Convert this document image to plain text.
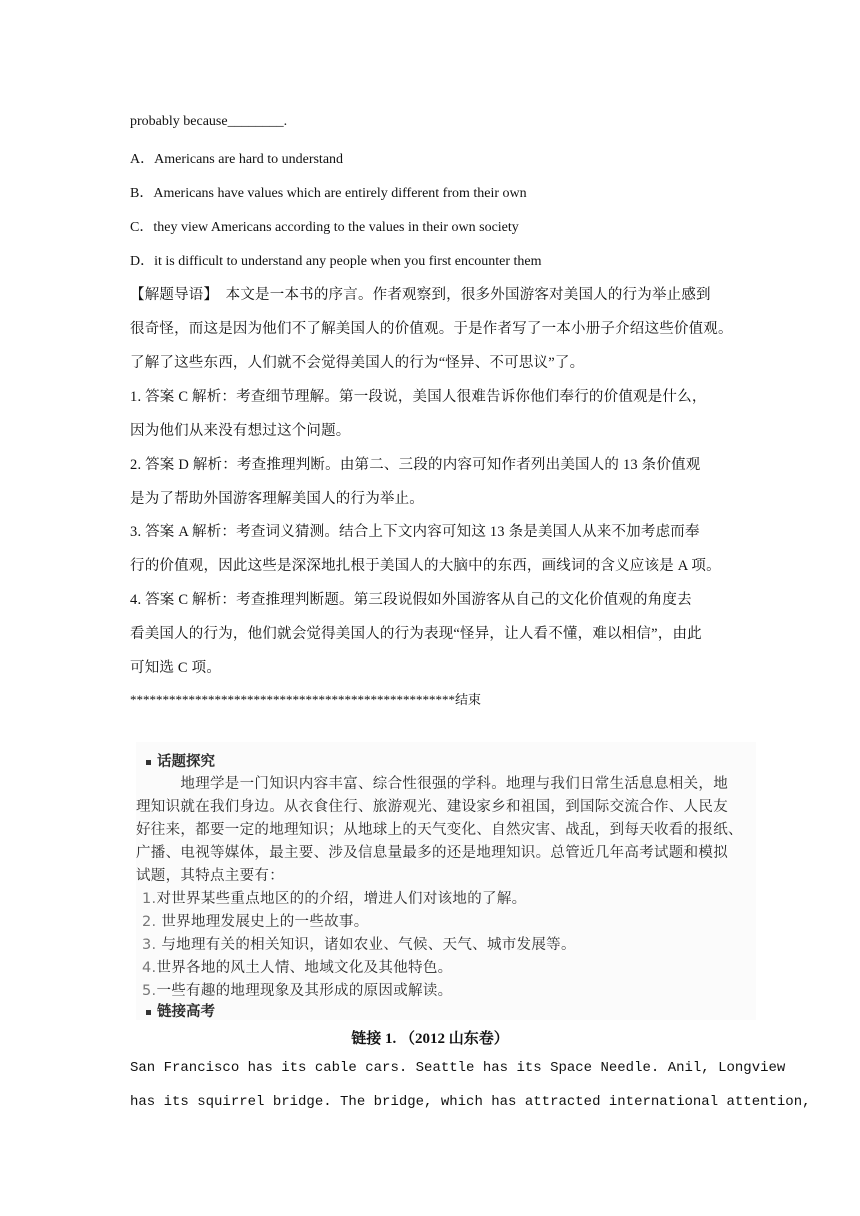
probably because________.
A．Americans are hard to understand
B．Americans have values which are entirely different from their own
C．they view Americans according to the values in their own society
D．it is difficult to understand any people when you first encounter them
【解题导语】　本文是一本书的序言。作者观察到，很多外国游客对美国人的行为举止感到
很奇怪，而这是因为他们不了解美国人的价值观。于是作者写了一本小册子介绍这些价值观。
了解了这些东西，人们就不会觉得美国人的行为“怪异、不可思议”了。
1. 答案 C 解析：考查细节理解。第一段说，美国人很难告诉你他们奉行的价值观是什么，
因为他们从来没有想过这个问题。
2. 答案 D 解析：考查推理判断。由第二、三段的内容可知作者列出美国人的 13 条价值观
是为了帮助外国游客理解美国人的行为举止。
3. 答案 A 解析：考查词义猜测。结合上下文内容可知这 13 条是美国人从来不加考虑而奉
行的价值观，因此这些是深深地扎根于美国人的大脑中的东西，画线词的含义应该是 A 项。
4. 答案 C 解析：考查推理判断题。第三段说假如外国游客从自己的文化价值观的角度去
看美国人的行为，他们就会觉得美国人的行为表现“怪异，让人看不懂，难以相信”，由此
可知选 C 项。
**************************************************结束
话题探究
　　　地理学是一门知识内容丰富、综合性很强的学科。地理与我们日常生活息息相关，地
理知识就在我们身边。从衣食住行、旅游观光、建设家乡和祖国，到国际交流合作、人民友
好往来，都要一定的地理知识；从地球上的天气变化、自然灾害、战乱，到每天收看的报纸、
广播、电视等媒体，最主要、涉及信息量最多的还是地理知识。总管近几年高考试题和模拟
试题，其特点主要有：
1.对世界某些重点地区的的介绍，增进人们对该地的了解。
2. 世界地理发展史上的一些故事。
3. 与地理有关的相关知识，诸如农业、气候、天气、城市发展等。
4.世界各地的风土人情、地域文化及其他特色。
5.一些有趣的地理现象及其形成的原因或解读。
链接高考
链接 1. （2012 山东卷）
San Francisco has its cable cars. Seattle has its Space Needle. Anil, Longview
has its squirrel bridge. The bridge, which has attracted international attention,
